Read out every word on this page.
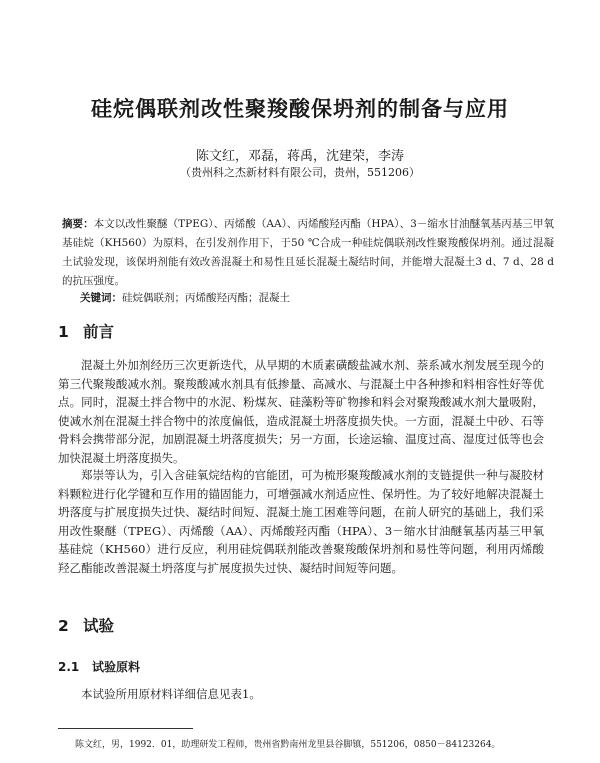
硅烷偶联剂改性聚羧酸保坍剂的制备与应用
陈文红，邓磊，蒋禹，沈建荣，李涛
（贵州科之杰新材料有限公司，贵州，551206）
摘要：本文以改性聚醚（TPEG）、丙烯酸（AA）、丙烯酸羟丙酯（HPA）、3－缩水甘油醚氧基丙基三甲氧基硅烷（KH560）为原料，在引发剂作用下，于50 ℃合成一种硅烷偶联剂改性聚羧酸保坍剂。通过混凝土试验发现，该保坍剂能有效改善混凝土和易性且延长混凝土凝结时间，并能增大混凝土3 d、7 d、28 d的抗压强度。
关键词：硅烷偶联剂；丙烯酸羟丙酯；混凝土
1 前言

混凝土外加剂经历三次更新迭代，从早期的木质素磺酸盐减水剂、萘系减水剂发展至现今的第三代聚羧酸减水剂。聚羧酸减水剂具有低掺量、高减水、与混凝土中各种掺和料相容性好等优点。同时，混凝土拌合物中的水泥、粉煤灰、硅藻粉等矿物掺和料会对聚羧酸减水剂大量吸附，使减水剂在混凝土拌合物中的浓度偏低，造成混凝土坍落度损失快。一方面，混凝土中砂、石等骨料会携带部分泥，加剧混凝土坍落度损失；另一方面，长途运输、温度过高、湿度过低等也会加快混凝土坍落度损失。

郑崇等认为，引入含硅氧烷结构的官能团，可为梳形聚羧酸减水剂的支链提供一种与凝胶材料颗粒进行化学键和互作用的锚固能力，可增强减水剂适应性、保坍性。为了较好地解决混凝土坍落度与扩展度损失过快、凝结时间短、混凝土施工困难等问题，在前人研究的基础上，我们采用改性聚醚（TPEG）、丙烯酸（AA）、丙烯酸羟丙酯（HPA）、3－缩水甘油醚氧基丙基三甲氧基硅烷（KH560）进行反应，利用硅烷偶联剂能改善聚羧酸保坍剂和易性等问题，利用丙烯酸羟乙酯能改善混凝土坍落度与扩展度损失过快、凝结时间短等问题。

2 试验
2.1 试验原料

本试验所用原材料详细信息见表1。

陈文红，男，1992．01，助理研发工程师，贵州省黔南州龙里县谷脚镇，551206，0850－84123264。
